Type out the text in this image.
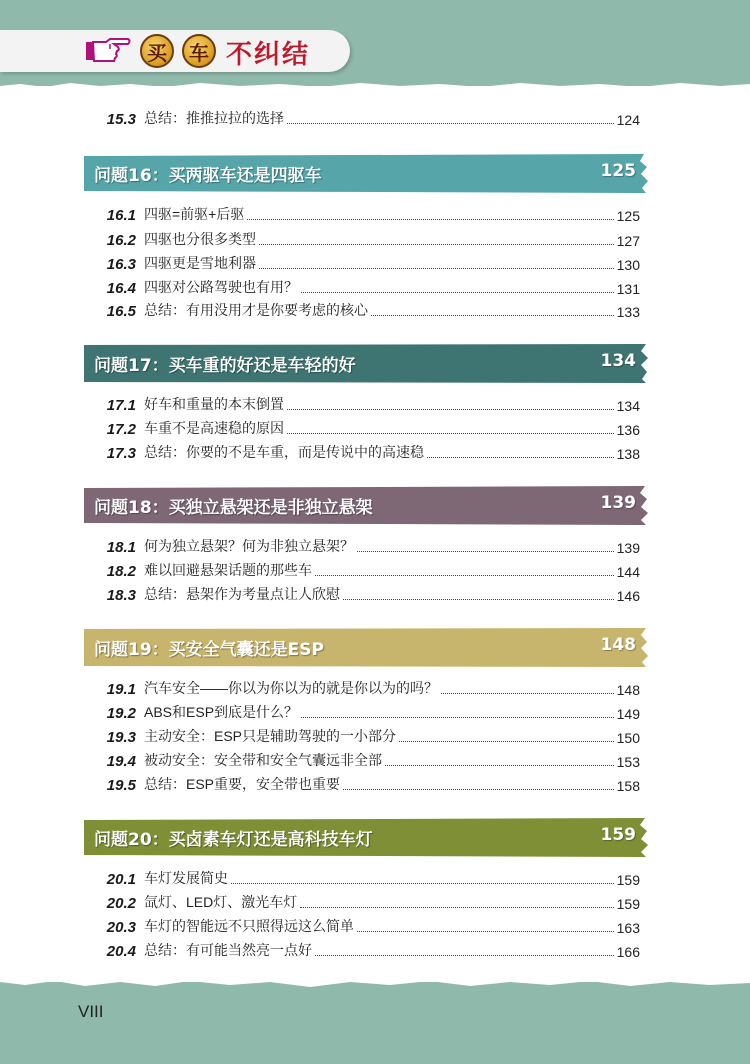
买	车 不纠结
15.3 总结：推推拉拉的选择	124
问题16：买两驱车还是四驱车	125
16.1 四驱=前驱+后驱	125
16.2 四驱也分很多类型	127
16.3 四驱更是雪地利器	130
16.4 四驱对公路驾驶也有用？	131
16.5 总结：有用没用才是你要考虑的核心	133
问题17：买车重的好还是车轻的好	134
17.1 好车和重量的本末倒置	134
17.2 车重不是高速稳的原因	136
17.3 总结：你要的不是车重，而是传说中的高速稳	138
问题18：买独立悬架还是非独立悬架	139
18.1 何为独立悬架？何为非独立悬架？	139
18.2 难以回避悬架话题的那些车	144
18.3 总结：悬架作为考量点让人欣慰	146
问题19：买安全气囊还是ESP	148
19.1 汽车安全——你以为你以为的就是你以为的吗？	148
19.2 ABS和ESP到底是什么？	149
19.3 主动安全：ESP只是辅助驾驶的一小部分	150
19.4 被动安全：安全带和安全气囊远非全部	153
19.5 总结：ESP重要，安全带也重要	158
问题20：买卤素车灯还是高科技车灯	159
20.1 车灯发展简史	159
20.2 氙灯、LED灯、激光车灯	159
20.3 车灯的智能远不只照得远这么简单	163
20.4 总结：有可能当然亮一点好	166
VIII
